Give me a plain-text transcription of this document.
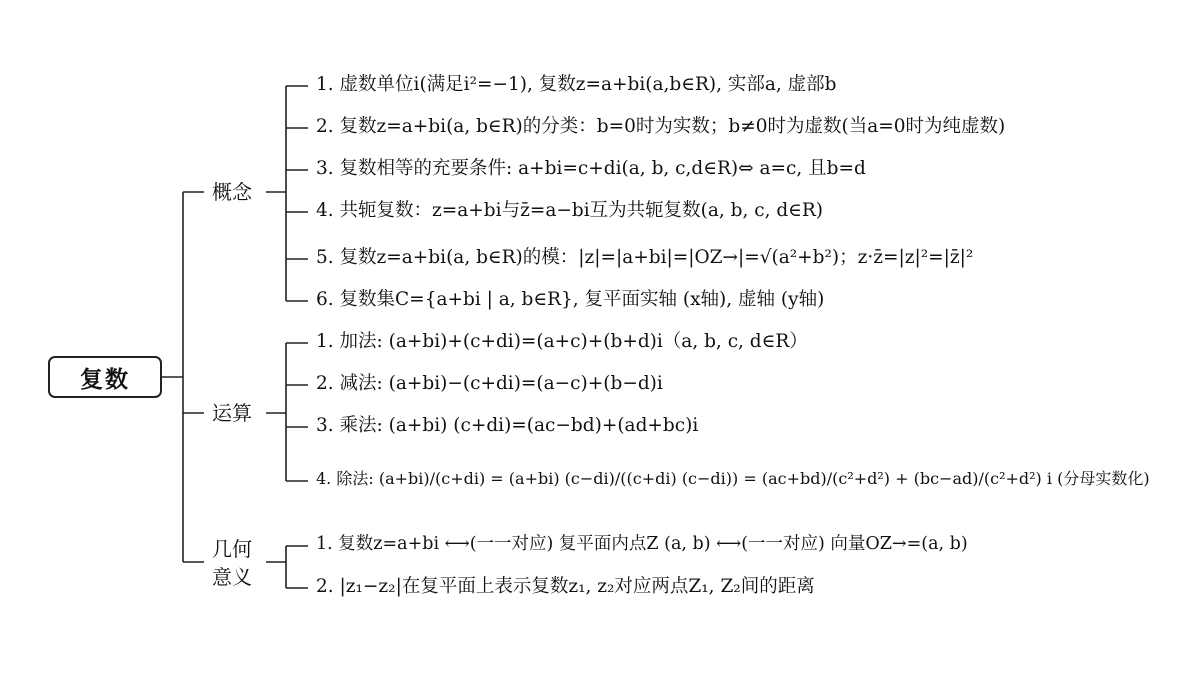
复数
概念
运算
几何
意义
1. 虚数单位i(满足i²=−1), 复数z=a+bi(a,b∈R), 实部a, 虚部b
2. 复数z=a+bi(a, b∈R)的分类：b=0时为实数；b≠0时为虚数(当a=0时为纯虚数)
3. 复数相等的充要条件: a+bi=c+di(a, b, c,d∈R)⇔ a=c, 且b=d
4. 共轭复数：z=a+bi与z̄=a−bi互为共轭复数(a, b, c, d∈R)
5. 复数z=a+bi(a, b∈R)的模：|z|=|a+bi|=|OZ→|=√(a²+b²)；z·z̄=|z|²=|z̄|²
6. 复数集C={a+bi | a, b∈R}, 复平面实轴 (x轴), 虚轴 (y轴)
1. 加法: (a+bi)+(c+di)=(a+c)+(b+d)i（a, b, c, d∈R）
2. 减法: (a+bi)−(c+di)=(a−c)+(b−d)i
3. 乘法: (a+bi) (c+di)=(ac−bd)+(ad+bc)i
4. 除法: (a+bi)/(c+di) = (a+bi) (c−di)/((c+di) (c−di)) = (ac+bd)/(c²+d²) + (bc−ad)/(c²+d²) i (分母实数化)
1. 复数z=a+bi ⟷(一一对应) 复平面内点Z (a, b) ⟷(一一对应) 向量OZ→=(a, b)
2. |z₁−z₂|在复平面上表示复数z₁, z₂对应两点Z₁, Z₂间的距离
